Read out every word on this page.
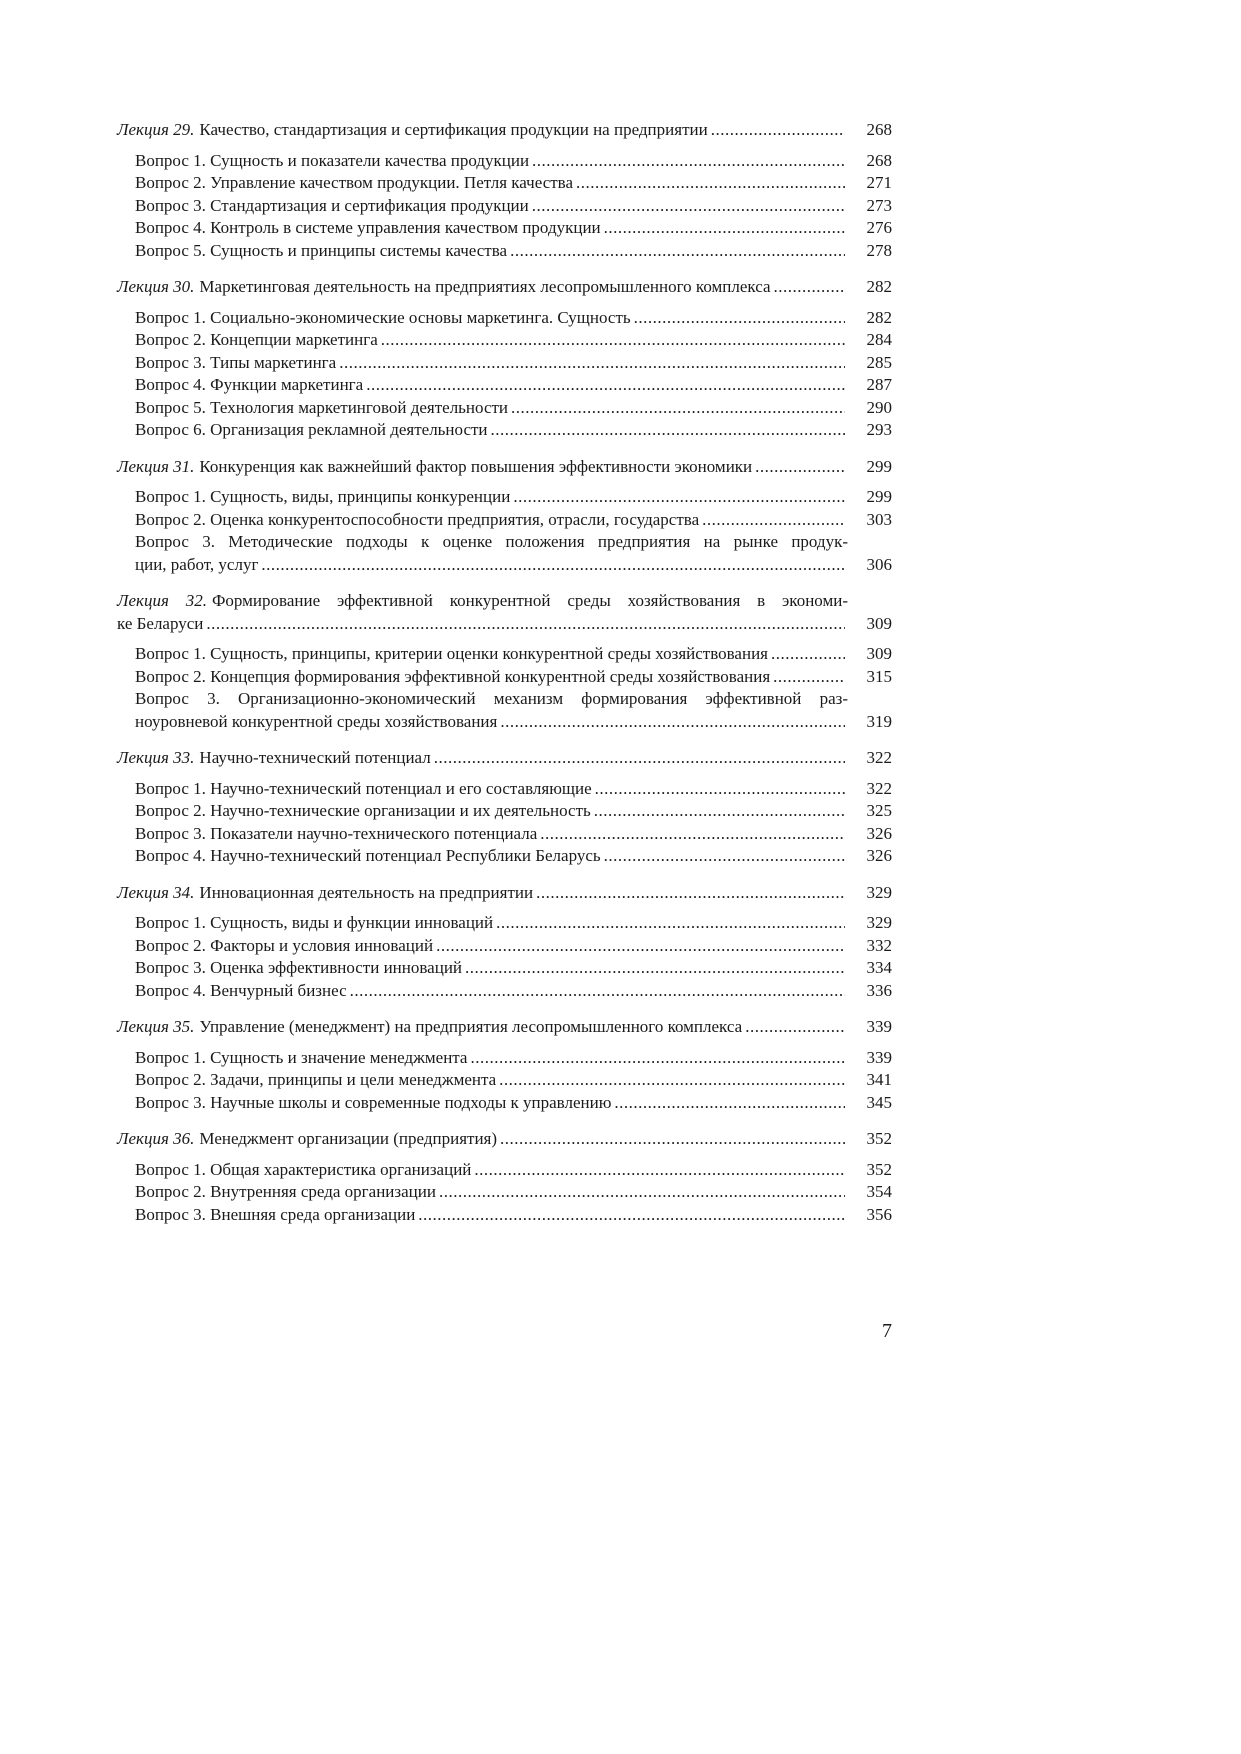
Лекция 29. Качество, стандартизация и сертификация продукции на предприятии .....	268
Вопрос 1. Сущность и показатели качества продукции .....	268
Вопрос 2. Управление качеством продукции. Петля качества .....	271
Вопрос 3. Стандартизация и сертификация продукции .....	273
Вопрос 4. Контроль в системе управления качеством продукции .....	276
Вопрос 5. Сущность и принципы системы качества .....	278
Лекция 30. Маркетинговая деятельность на предприятиях лесопромышленного комплекса .....	282
Вопрос 1. Социально-экономические основы маркетинга. Сущность .....	282
Вопрос 2. Концепции маркетинга .....	284
Вопрос 3. Типы маркетинга .....	285
Вопрос 4. Функции маркетинга .....	287
Вопрос 5. Технология маркетинговой деятельности .....	290
Вопрос 6. Организация рекламной деятельности .....	293
Лекция 31. Конкуренция как важнейший фактор повышения эффективности экономики .....	299
Вопрос 1. Сущность, виды, принципы конкуренции .....	299
Вопрос 2. Оценка конкурентоспособности предприятия, отрасли, государства .....	303
Вопрос 3. Методические подходы к оценке положения предприятия на рынке продук-
ции, работ, услуг .....	306
Лекция 32. Формирование эффективной конкурентной среды хозяйствования в экономи-
ке Беларуси .....	309
Вопрос 1. Сущность, принципы, критерии оценки конкурентной среды хозяйствования .....	309
Вопрос 2. Концепция формирования эффективной конкурентной среды хозяйствования .....	315
Вопрос 3. Организационно-экономический механизм формирования эффективной раз-
ноуровневой конкурентной среды хозяйствования .....	319
Лекция 33. Научно-технический потенциал .....	322
Вопрос 1. Научно-технический потенциал и его составляющие .....	322
Вопрос 2. Научно-технические организации и их деятельность .....	325
Вопрос 3. Показатели научно-технического потенциала .....	326
Вопрос 4. Научно-технический потенциал Республики Беларусь .....	326
Лекция 34. Инновационная деятельность на предприятии .....	329
Вопрос 1. Сущность, виды и функции инноваций .....	329
Вопрос 2. Факторы и условия инноваций .....	332
Вопрос 3. Оценка эффективности инноваций .....	334
Вопрос 4. Венчурный бизнес .....	336
Лекция 35. Управление (менеджмент) на предприятия лесопромышленного комплекса .....	339
Вопрос 1. Сущность и значение менеджмента .....	339
Вопрос 2. Задачи, принципы и цели менеджмента .....	341
Вопрос 3. Научные школы и современные подходы к управлению .....	345
Лекция 36. Менеджмент организации (предприятия) .....	352
Вопрос 1. Общая характеристика организаций .....	352
Вопрос 2. Внутренняя среда организации .....	354
Вопрос 3. Внешняя среда организации .....	356
7
